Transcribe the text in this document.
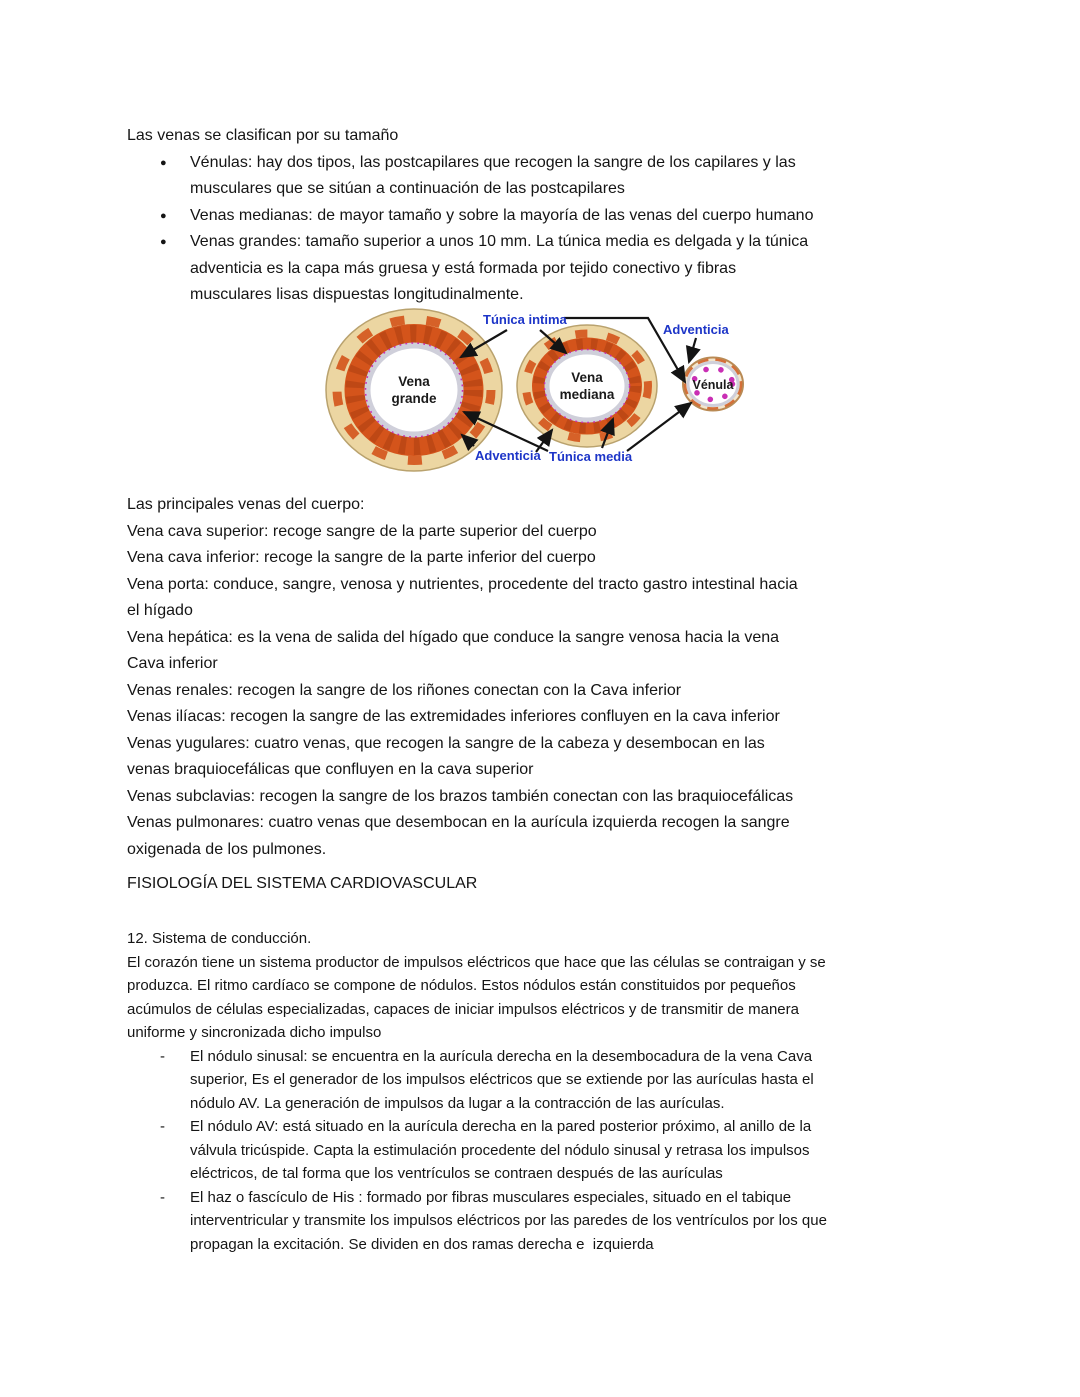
Las venas se clasifican por su tamaño
● Vénulas: hay dos tipos, las postcapilares que recogen la sangre de los capilares y las
musculares que se sitúan a continuación de las postcapilares
● Venas medianas: de mayor tamaño y sobre la mayoría de las venas del cuerpo humano
● Venas grandes: tamaño superior a unos 10 mm. La túnica media es delgada y la túnica
adventicia es la capa más gruesa y está formada por tejido conectivo y fibras
musculares lisas dispuestas longitudinalmente.
Vena
grande
Vena
mediana
Vénula
Túnica intima
Adventicia
Adventicia Túnica media
Las principales venas del cuerpo:
Vena cava superior: recoge sangre de la parte superior del cuerpo
Vena cava inferior: recoge la sangre de la parte inferior del cuerpo
Vena porta: conduce, sangre, venosa y nutrientes, procedente del tracto gastro intestinal hacia
el hígado
Vena hepática: es la vena de salida del hígado que conduce la sangre venosa hacia la vena
Cava inferior
Venas renales: recogen la sangre de los riñones conectan con la Cava inferior
Venas ilíacas: recogen la sangre de las extremidades inferiores confluyen en la cava inferior
Venas yugulares: cuatro venas, que recogen la sangre de la cabeza y desembocan en las
venas braquiocefálicas que confluyen en la cava superior
Venas subclavias: recogen la sangre de los brazos también conectan con las braquiocefálicas
Venas pulmonares: cuatro venas que desembocan en la aurícula izquierda recogen la sangre
oxigenada de los pulmones.
FISIOLOGÍA DEL SISTEMA CARDIOVASCULAR
12. Sistema de conducción.
El corazón tiene un sistema productor de impulsos eléctricos que hace que las células se contraigan y se
produzca. El ritmo cardíaco se compone de nódulos. Estos nódulos están constituidos por pequeños
acúmulos de células especializadas, capaces de iniciar impulsos eléctricos y de transmitir de manera
uniforme y sincronizada dicho impulso
- El nódulo sinusal: se encuentra en la aurícula derecha en la desembocadura de la vena Cava
superior, Es el generador de los impulsos eléctricos que se extiende por las aurículas hasta el
nódulo AV. La generación de impulsos da lugar a la contracción de las aurículas.
- El nódulo AV: está situado en la aurícula derecha en la pared posterior próximo, al anillo de la
válvula tricúspide. Capta la estimulación procedente del nódulo sinusal y retrasa los impulsos
eléctricos, de tal forma que los ventrículos se contraen después de las aurículas
- El haz o fascículo de His : formado por fibras musculares especiales, situado en el tabique
interventricular y transmite los impulsos eléctricos por las paredes de los ventrículos por los que
propagan la excitación. Se dividen en dos ramas derecha e  izquierda
